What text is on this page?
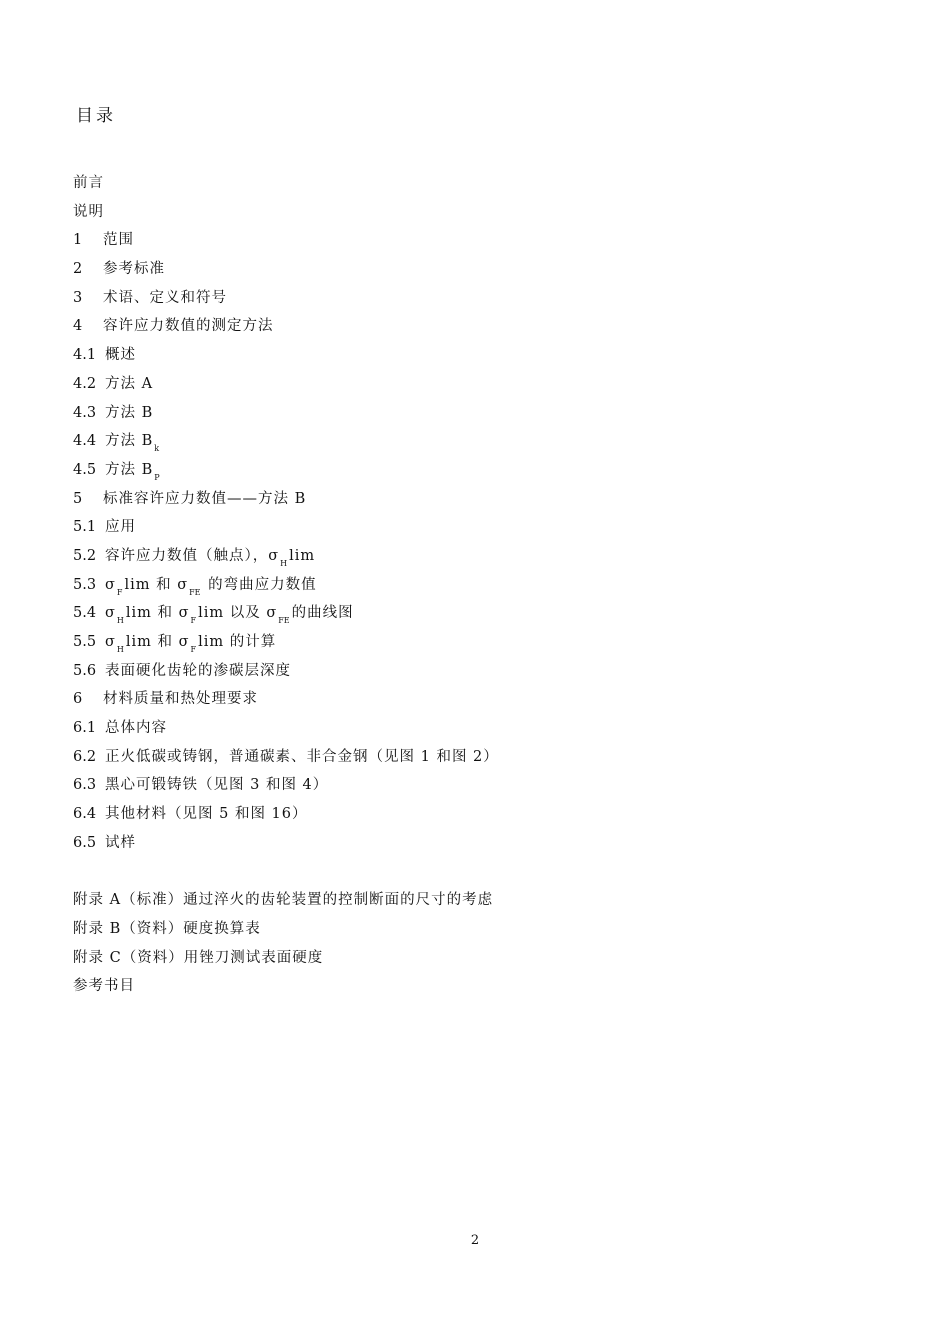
目录
前言
说明
1 范围
2 参考标准
3 术语、定义和符号
4 容许应力数值的测定方法
4.1 概述
4.2 方法 A
4.3 方法 B
4.4 方法 $B_k$
4.5 方法 $B_P$
5 标准容许应力数值——方法 B
5.1 应用
5.2 容许应力数值（触点），$\sigma_H$ lim
5.3 $\sigma_F$ lim 和 $\sigma_{FE}$ 的弯曲应力数值
5.4 $\sigma_H$ lim 和 $\sigma_F$ lim 以及 $\sigma_{FE}$ 的曲线图
5.5 $\sigma_H$ lim 和 $\sigma_F$ lim 的计算
5.6 表面硬化齿轮的渗碳层深度
6 材料质量和热处理要求
6.1 总体内容
6.2 正火低碳或铸钢，普通碳素、非合金钢（见图 1 和图 2）
6.3 黑心可锻铸铁（见图 3 和图 4）
6.4 其他材料（见图 5 和图 16）
6.5 试样
附录 A（标准）通过淬火的齿轮装置的控制断面的尺寸的考虑
附录 B（资料）硬度换算表
附录 C（资料）用锉刀测试表面硬度
参考书目
2
